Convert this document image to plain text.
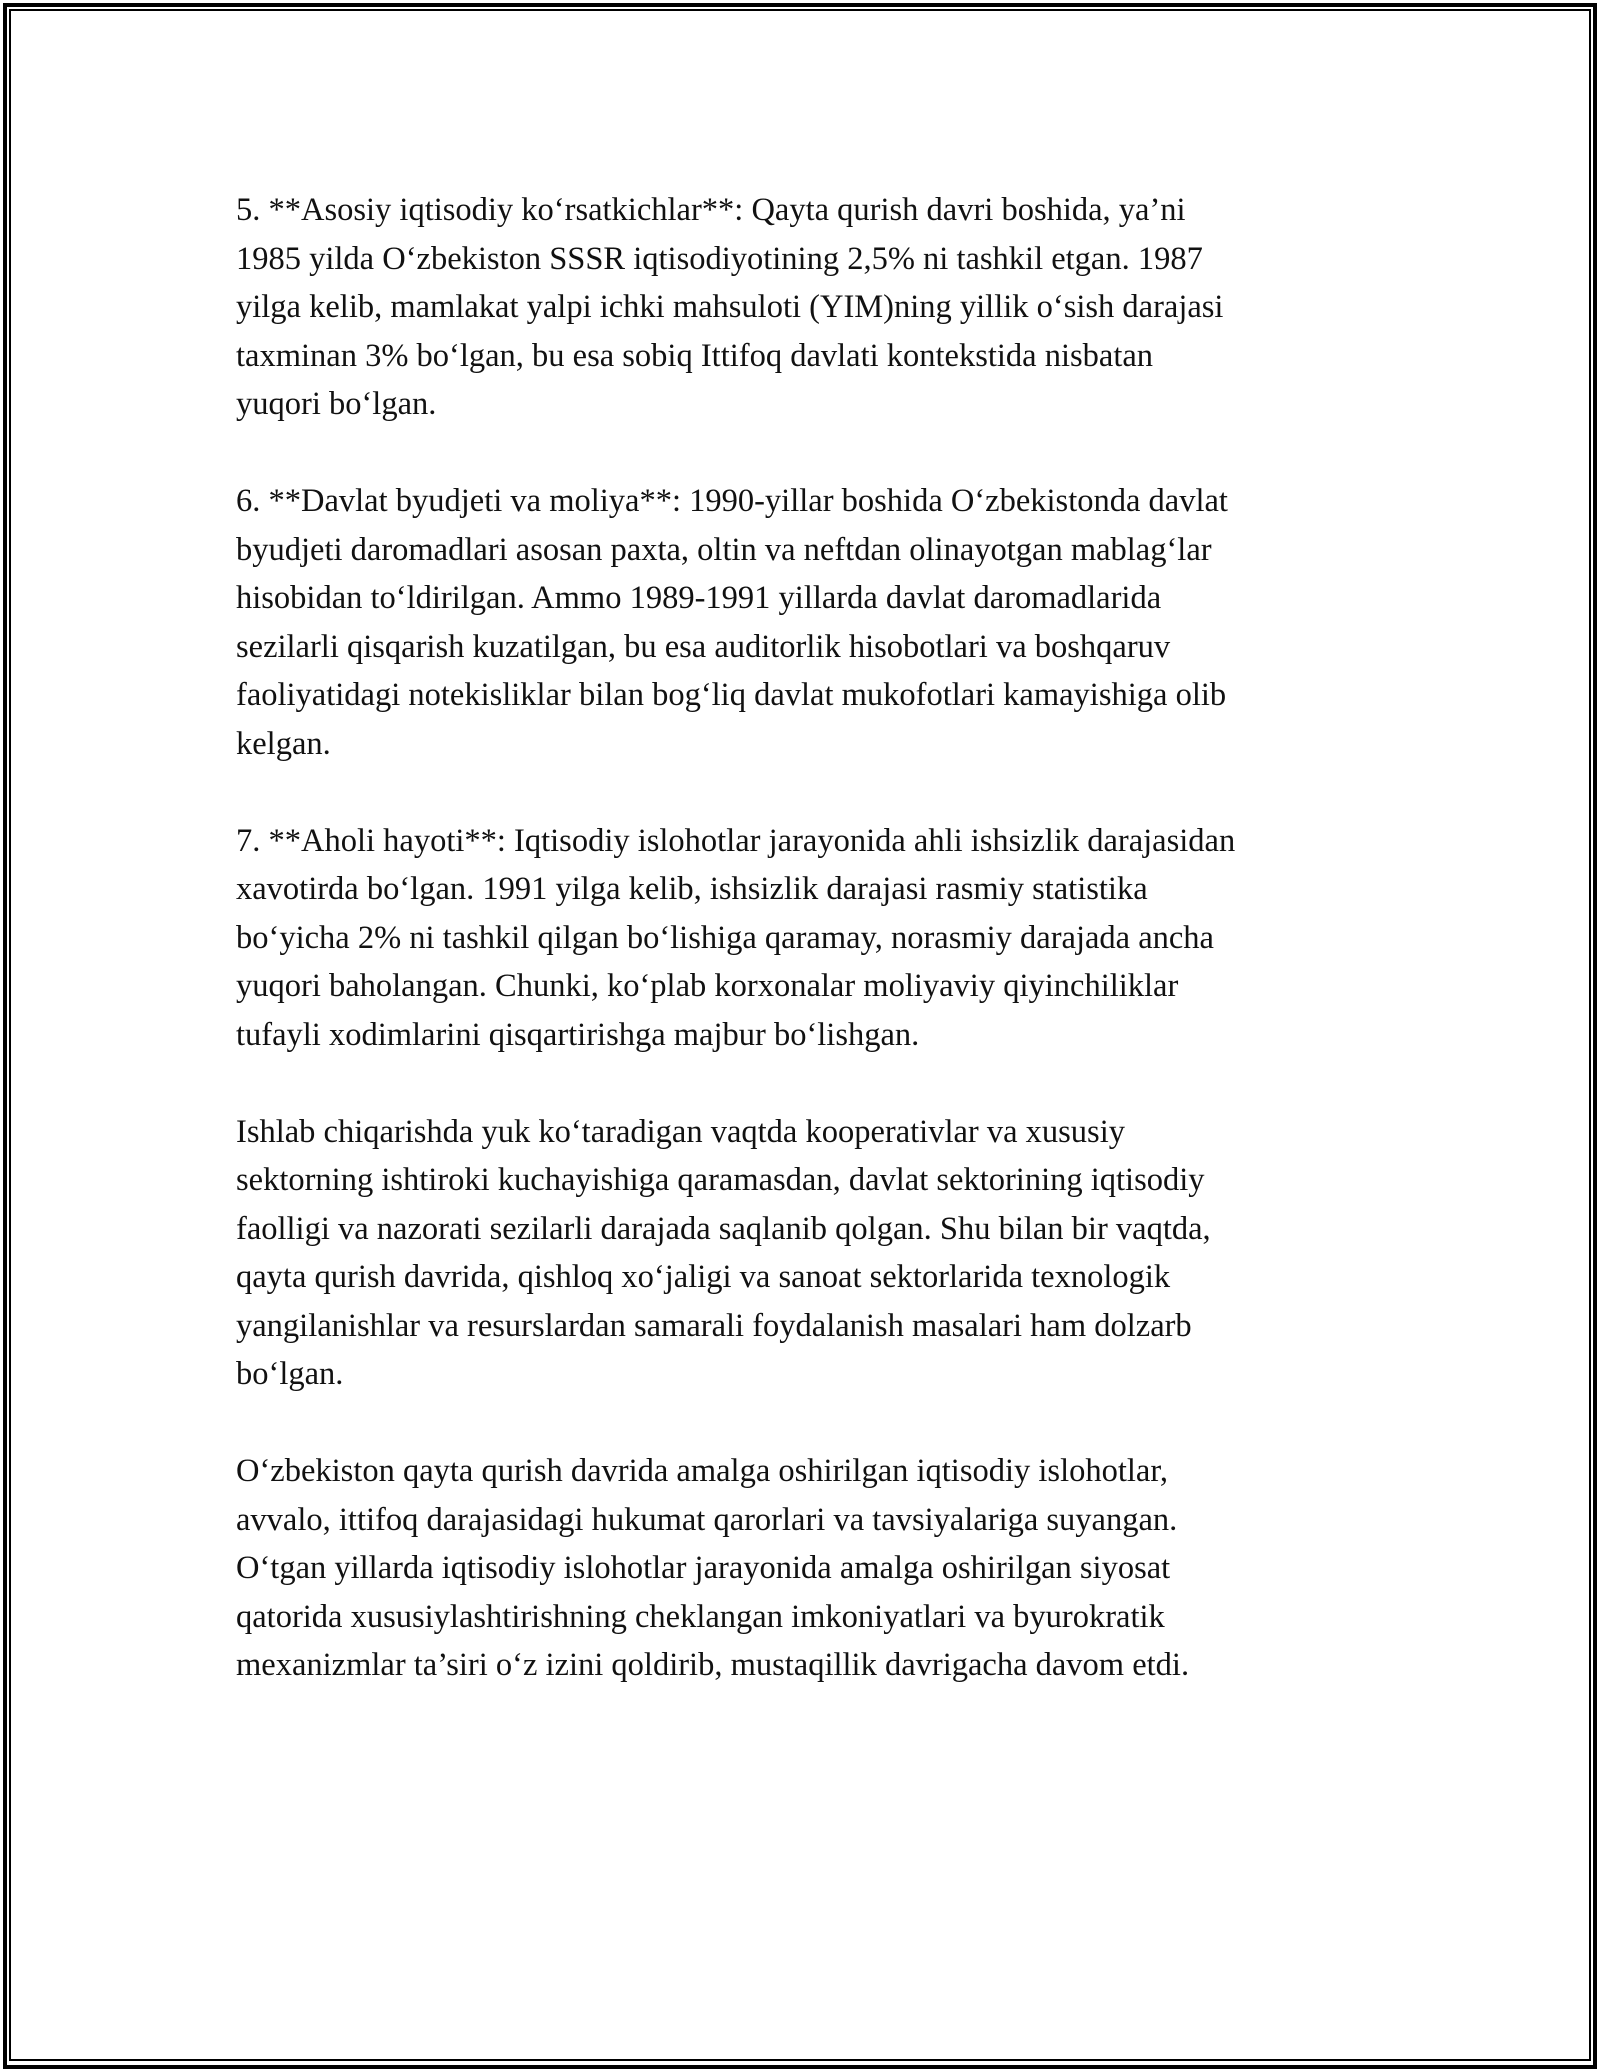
5. **Asosiy iqtisodiy ko‘rsatkichlar**: Qayta qurish davri boshida, ya’ni
1985 yilda O‘zbekiston SSSR iqtisodiyotining 2,5% ni tashkil etgan. 1987
yilga kelib, mamlakat yalpi ichki mahsuloti (YIM)ning yillik o‘sish darajasi
taxminan 3% bo‘lgan, bu esa sobiq Ittifoq davlati kontekstida nisbatan
yuqori bo‘lgan.

6. **Davlat byudjeti va moliya**: 1990-yillar boshida O‘zbekistonda davlat
byudjeti daromadlari asosan paxta, oltin va neftdan olinayotgan mablag‘lar
hisobidan to‘ldirilgan. Ammo 1989-1991 yillarda davlat daromadlarida
sezilarli qisqarish kuzatilgan, bu esa auditorlik hisobotlari va boshqaruv
faoliyatidagi notekisliklar bilan bog‘liq davlat mukofotlari kamayishiga olib
kelgan.

7. **Aholi hayoti**: Iqtisodiy islohotlar jarayonida ahli ishsizlik darajasidan
xavotirda bo‘lgan. 1991 yilga kelib, ishsizlik darajasi rasmiy statistika
bo‘yicha 2% ni tashkil qilgan bo‘lishiga qaramay, norasmiy darajada ancha
yuqori baholangan. Chunki, ko‘plab korxonalar moliyaviy qiyinchiliklar
tufayli xodimlarini qisqartirishga majbur bo‘lishgan.

Ishlab chiqarishda yuk ko‘taradigan vaqtda kooperativlar va xususiy
sektorning ishtiroki kuchayishiga qaramasdan, davlat sektorining iqtisodiy
faolligi va nazorati sezilarli darajada saqlanib qolgan. Shu bilan bir vaqtda,
qayta qurish davrida, qishloq xo‘jaligi va sanoat sektorlarida texnologik
yangilanishlar va resurslardan samarali foydalanish masalari ham dolzarb
bo‘lgan.

O‘zbekiston qayta qurish davrida amalga oshirilgan iqtisodiy islohotlar,
avvalo, ittifoq darajasidagi hukumat qarorlari va tavsiyalariga suyangan.
O‘tgan yillarda iqtisodiy islohotlar jarayonida amalga oshirilgan siyosat
qatorida xususiylashtirishning cheklangan imkoniyatlari va byurokratik
mexanizmlar ta’siri o‘z izini qoldirib, mustaqillik davrigacha davom etdi.
